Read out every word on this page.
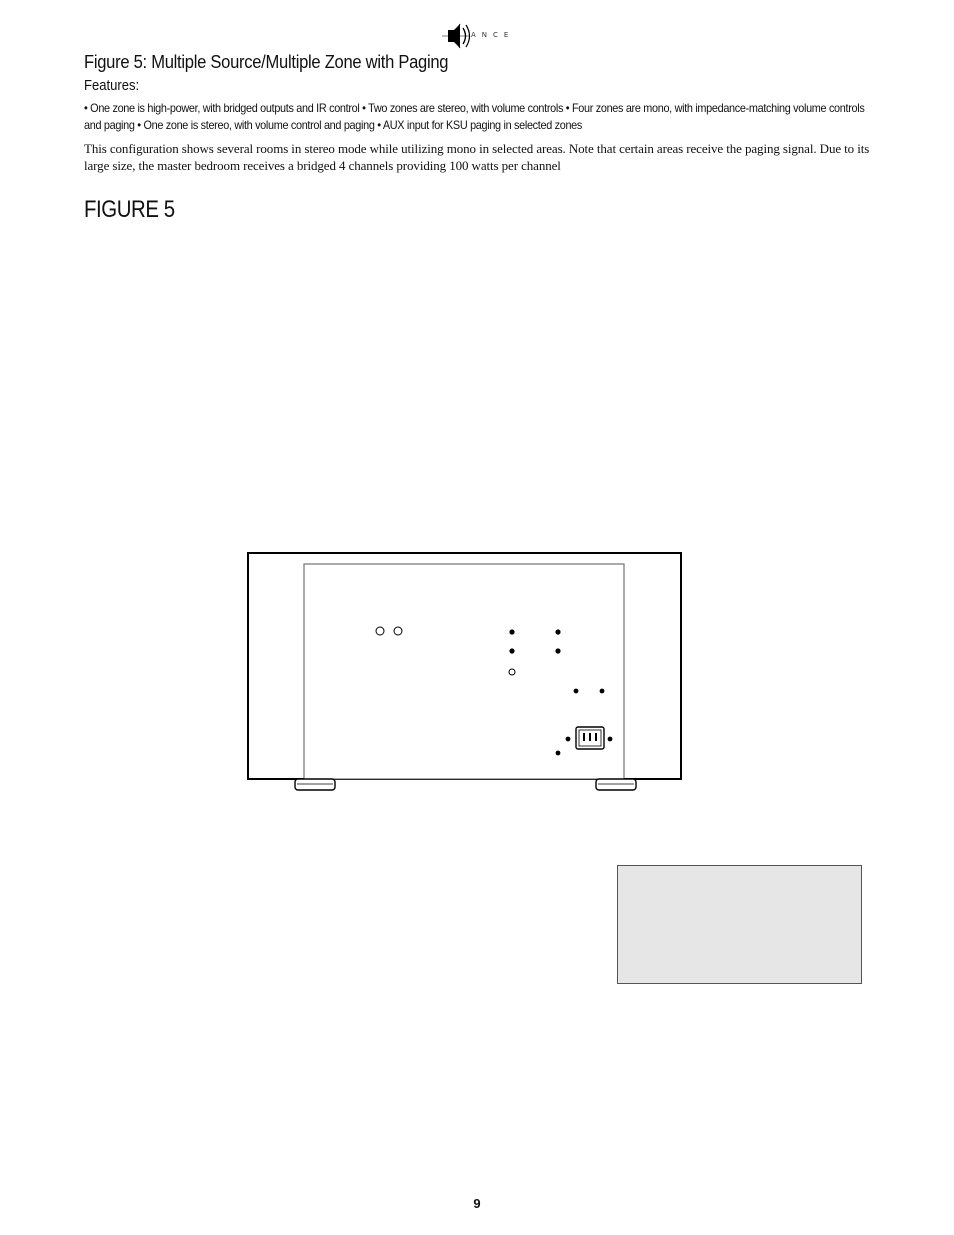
ANCE
Figure 5: Multiple Source/Multiple Zone with Paging
Features:

• One zone is high-power, with bridged outputs and IR control • Two zones are stereo, with volume controls • Four zones are mono, with impedance-matching volume controls and paging • One zone is stereo, with volume control and paging • AUX input for KSU paging in selected zones

This configuration shows several rooms in stereo mode while utilizing mono in selected areas. Note that certain areas receive the paging signal. Due to its large size, the master bedroom receives a bridged 4 channels providing 100 watts per channel

FIGURE 5
9
